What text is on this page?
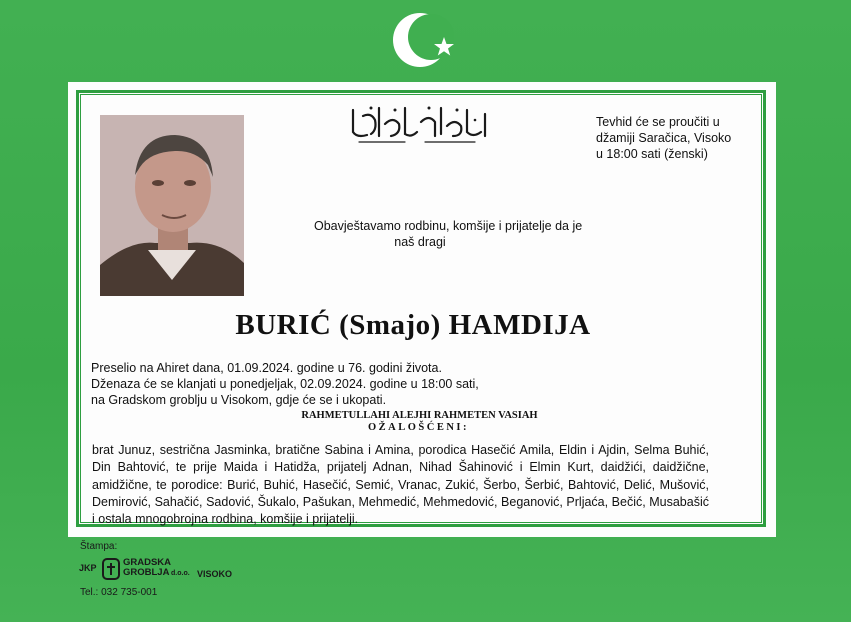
Tevhid će se proučiti u
džamiji Saračica, Visoko
u 18:00 sati (ženski)
Obavještavamo rodbinu, komšije i prijatelje da je
naš dragi
BURIĆ (Smajo) HAMDIJA
Preselio na Ahiret dana, 01.09.2024. godine u 76. godini života.
Dženaza će se klanjati u ponedjeljak, 02.09.2024. godine u 18:00 sati,
na Gradskom groblju u Visokom, gdje će se i ukopati.
RAHMETULLAHI ALEJHI RAHMETEN VASIAH
OŽALOŠĆENI:
brat Junuz, sestrična Jasminka, bratične Sabina i Amina, porodica Hasečić Amila, Eldin i Ajdin, Selma Buhić, Din Bahtović, te prije Maida i Hatidža, prijatelj Adnan, Nihad Šahinović i Elmin Kurt, daidžići, daidžične, amidžične, te porodice: Burić, Buhić, Hasečić, Semić, Vranac, Zukić, Šerbo, Šerbić, Bahtović, Delić, Mušović, Demirović, Sahačić, Sadović, Šukalo, Pašukan, Mehmedić, Mehmedović, Beganović, Prljaća, Bečić, Musabašić i ostala mnogobrojna rodbina, komšije i prijatelji.
Štampa:
JKP	GRADSKA
GROBLJA d.o.o. VISOKO
Tel.: 032 735-001
